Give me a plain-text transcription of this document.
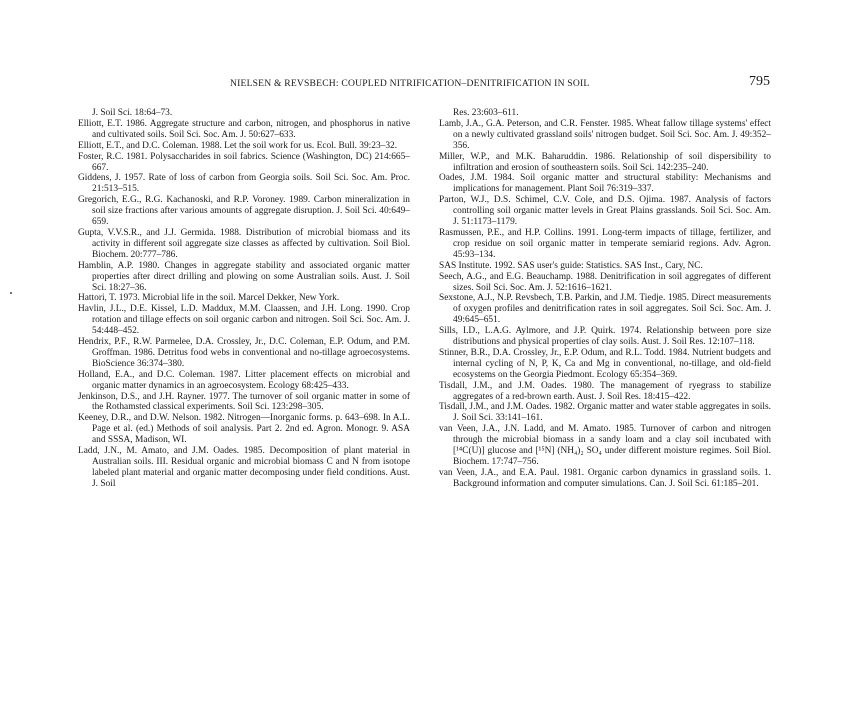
NIELSEN & REVSBECH: COUPLED NITRIFICATION–DENITRIFICATION IN SOIL	795

J. Soil Sci. 18:64–73.

Elliott, E.T. 1986. Aggregate structure and carbon, nitrogen, and phosphorus in native and cultivated soils. Soil Sci. Soc. Am. J. 50:627–633.

Elliott, E.T., and D.C. Coleman. 1988. Let the soil work for us. Ecol. Bull. 39:23–32.

Foster, R.C. 1981. Polysaccharides in soil fabrics. Science (Washington, DC) 214:665–667.

Giddens, J. 1957. Rate of loss of carbon from Georgia soils. Soil Sci. Soc. Am. Proc. 21:513–515.

Gregorich, E.G., R.G. Kachanoski, and R.P. Voroney. 1989. Carbon mineralization in soil size fractions after various amounts of aggregate disruption. J. Soil Sci. 40:649–659.

Gupta, V.V.S.R., and J.J. Germida. 1988. Distribution of microbial biomass and its activity in different soil aggregate size classes as affected by cultivation. Soil Biol. Biochem. 20:777–786.

Hamblin, A.P. 1980. Changes in aggregate stability and associated organic matter properties after direct drilling and plowing on some Australian soils. Aust. J. Soil Sci. 18:27–36.

Hattori, T. 1973. Microbial life in the soil. Marcel Dekker, New York.

Havlin, J.L., D.E. Kissel, L.D. Maddux, M.M. Claassen, and J.H. Long. 1990. Crop rotation and tillage effects on soil organic carbon and nitrogen. Soil Sci. Soc. Am. J. 54:448–452.

Hendrix, P.F., R.W. Parmelee, D.A. Crossley, Jr., D.C. Coleman, E.P. Odum, and P.M. Groffman. 1986. Detritus food webs in conventional and no-tillage agroecosystems. BioScience 36:374–380.

Holland, E.A., and D.C. Coleman. 1987. Litter placement effects on microbial and organic matter dynamics in an agroecosystem. Ecology 68:425–433.

Jenkinson, D.S., and J.H. Rayner. 1977. The turnover of soil organic matter in some of the Rothamsted classical experiments. Soil Sci. 123:298–305.

Keeney, D.R., and D.W. Nelson. 1982. Nitrogen—Inorganic forms. p. 643–698. In A.L. Page et al. (ed.) Methods of soil analysis. Part 2. 2nd ed. Agron. Monogr. 9. ASA and SSSA, Madison, WI.

Ladd, J.N., M. Amato, and J.M. Oades. 1985. Decomposition of plant material in Australian soils. III. Residual organic and microbial biomass C and N from isotope labeled plant material and organic matter decomposing under field conditions. Aust. J. Soil

Res. 23:603–611.

Lamb, J.A., G.A. Peterson, and C.R. Fenster. 1985. Wheat fallow tillage systems' effect on a newly cultivated grassland soils' nitrogen budget. Soil Sci. Soc. Am. J. 49:352–356.

Miller, W.P., and M.K. Baharuddin. 1986. Relationship of soil dispersibility to infiltration and erosion of southeastern soils. Soil Sci. 142:235–240.

Oades, J.M. 1984. Soil organic matter and structural stability: Mechanisms and implications for management. Plant Soil 76:319–337.

Parton, W.J., D.S. Schimel, C.V. Cole, and D.S. Ojima. 1987. Analysis of factors controlling soil organic matter levels in Great Plains grasslands. Soil Sci. Soc. Am. J. 51:1173–1179.

Rasmussen, P.E., and H.P. Collins. 1991. Long-term impacts of tillage, fertilizer, and crop residue on soil organic matter in temperate semiarid regions. Adv. Agron. 45:93–134.

SAS Institute. 1992. SAS user's guide: Statistics. SAS Inst., Cary, NC.

Seech, A.G., and E.G. Beauchamp. 1988. Denitrification in soil aggregates of different sizes. Soil Sci. Soc. Am. J. 52:1616–1621.

Sexstone, A.J., N.P. Revsbech, T.B. Parkin, and J.M. Tiedje. 1985. Direct measurements of oxygen profiles and denitrification rates in soil aggregates. Soil Sci. Soc. Am. J. 49:645–651.

Sills, I.D., L.A.G. Aylmore, and J.P. Quirk. 1974. Relationship between pore size distributions and physical properties of clay soils. Aust. J. Soil Res. 12:107–118.

Stinner, B.R., D.A. Crossley, Jr., E.P. Odum, and R.L. Todd. 1984. Nutrient budgets and internal cycling of N, P, K, Ca and Mg in conventional, no-tillage, and old-field ecosystems on the Georgia Piedmont. Ecology 65:354–369.

Tisdall, J.M., and J.M. Oades. 1980. The management of ryegrass to stabilize aggregates of a red-brown earth. Aust. J. Soil Res. 18:415–422.

Tisdall, J.M., and J.M. Oades. 1982. Organic matter and water stable aggregates in soils. J. Soil Sci. 33:141–161.

van Veen, J.A., J.N. Ladd, and M. Amato. 1985. Turnover of carbon and nitrogen through the microbial biomass in a sandy loam and a clay soil incubated with [¹⁴C(U)] glucose and [¹⁵N] (NH₄)₂ SO₄ under different moisture regimes. Soil Biol. Biochem. 17:747–756.

van Veen, J.A., and E.A. Paul. 1981. Organic carbon dynamics in grassland soils. 1. Background information and computer simulations. Can. J. Soil Sci. 61:185–201.
